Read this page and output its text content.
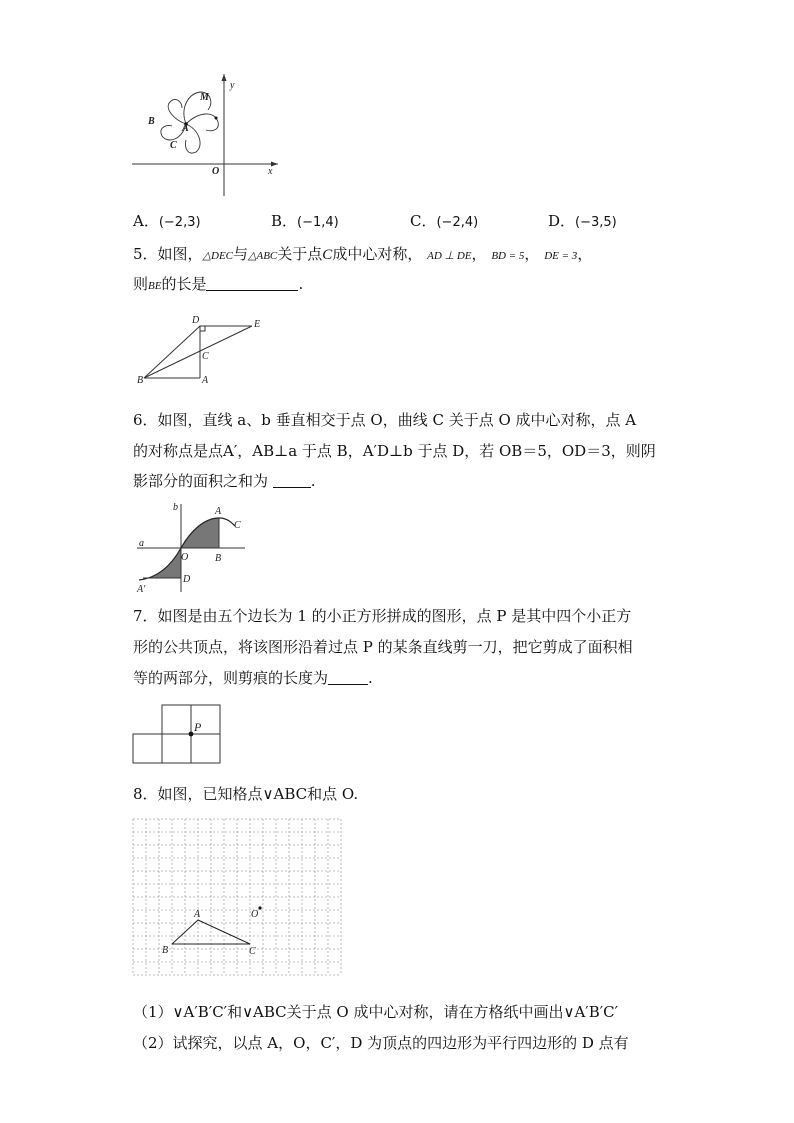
y
x
O
M
A
B
C
A．(−2,3)	B．(−1,4)	C．(−2,4)	D．(−3,5)
5．如图，△DEC与△ABC关于点C成中心对称， AD ⊥ DE， BD = 5， DE = 3，
则BE的长是	.
D	E
C
B	A
6．如图，直线 a、b 垂直相交于点 O，曲线 C 关于点 O 成中心对称，点 A
的对称点是点A′，AB⊥a 于点 B，A′D⊥b 于点 D，若 OB＝5，OD＝3，则阴
影部分的面积之和为	.
a
b	A
C
O	B
D
A′
7．如图是由五个边长为 1 的小正方形拼成的图形，点 P 是其中四个小正方
形的公共顶点，将该图形沿着过点 P 的某条直线剪一刀，把它剪成了面积相
等的两部分，则剪痕的长度为	.
P
8．如图，已知格点∨ABC和点 O.
A
B	C
O
（1）∨A′B′C′和∨ABC关于点 O 成中心对称，请在方格纸中画出∨A′B′C′
（2）试探究，以点 A，O，C′，D 为顶点的四边形为平行四边形的 D 点有
